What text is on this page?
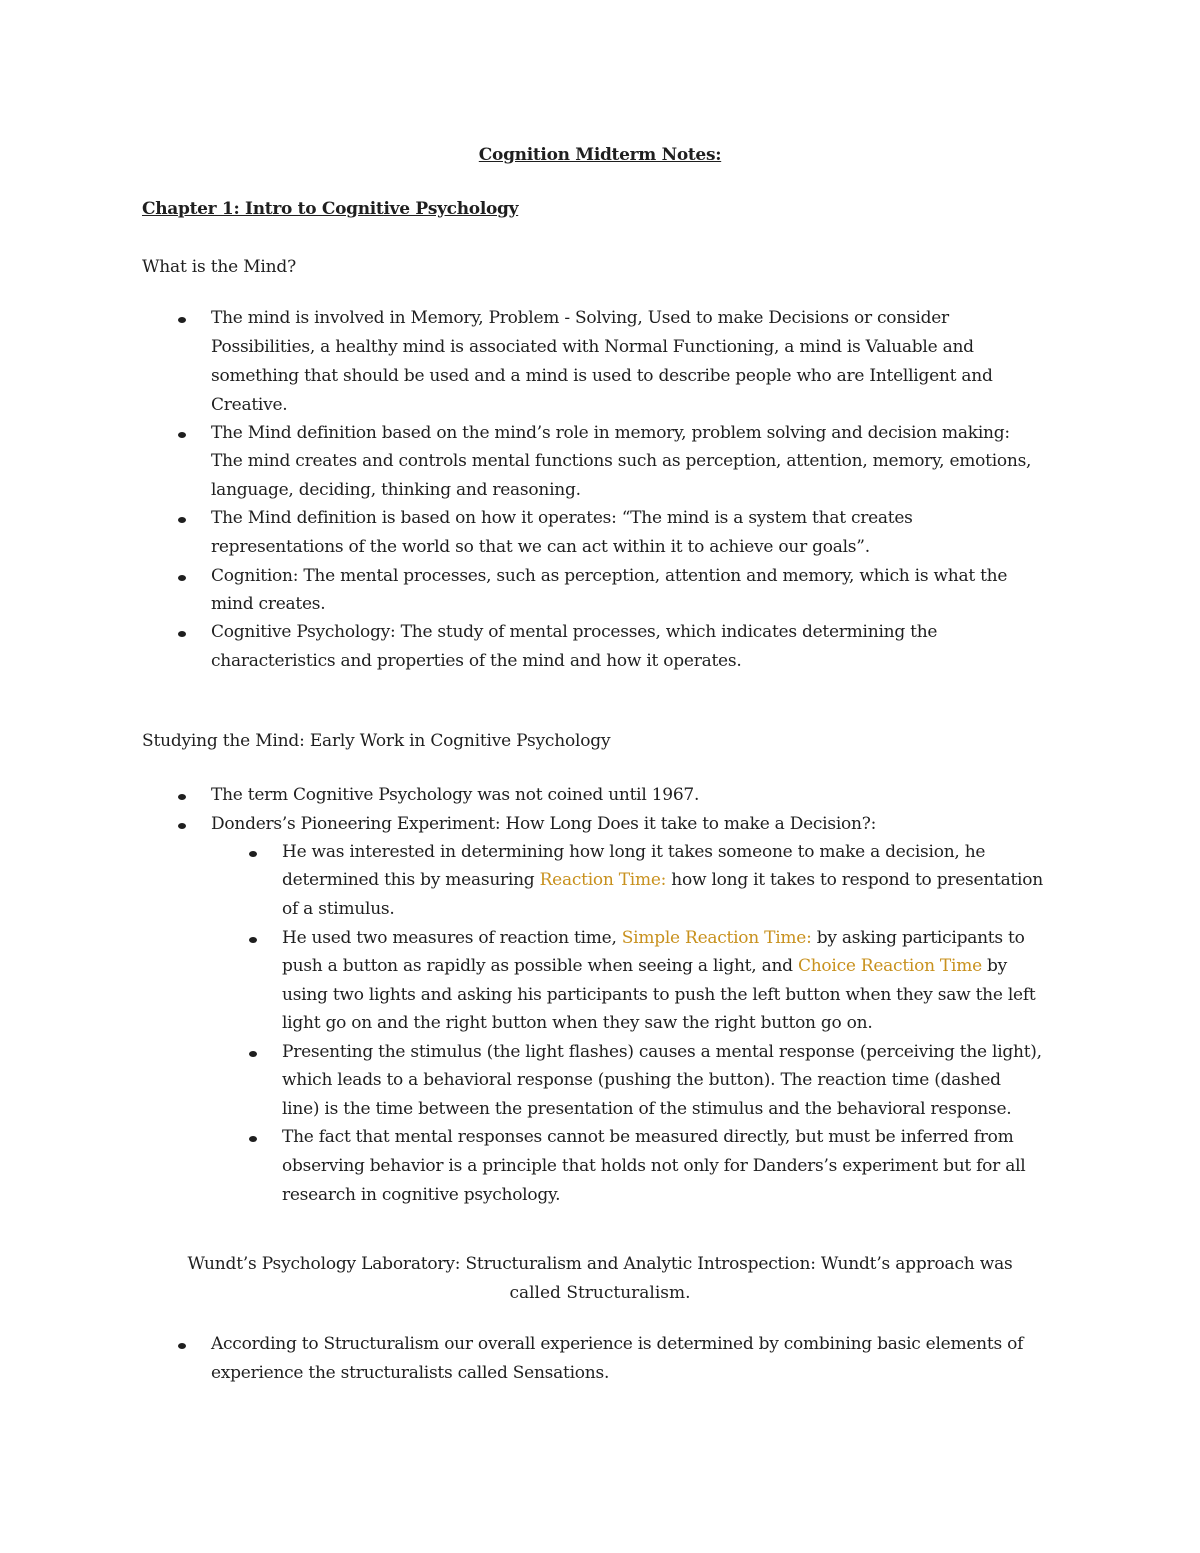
Cognition Midterm Notes:

Chapter 1: Intro to Cognitive Psychology

What is the Mind?

The mind is involved in Memory, Problem - Solving, Used to make Decisions or consider

Possibilities, a healthy mind is associated with Normal Functioning, a mind is Valuable and

something that should be used and a mind is used to describe people who are Intelligent and

Creative.

The Mind definition based on the mind’s role in memory, problem solving and decision making:

The mind creates and controls mental functions such as perception, attention, memory, emotions,

language, deciding, thinking and reasoning.

The Mind definition is based on how it operates: “The mind is a system that creates

representations of the world so that we can act within it to achieve our goals”.

Cognition: The mental processes, such as perception, attention and memory, which is what the

mind creates.

Cognitive Psychology: The study of mental processes, which indicates determining the

characteristics and properties of the mind and how it operates.

Studying the Mind: Early Work in Cognitive Psychology

The term Cognitive Psychology was not coined until 1967.

Donders’s Pioneering Experiment: How Long Does it take to make a Decision?:

He was interested in determining how long it takes someone to make a decision, he

determined this by measuring Reaction Time: how long it takes to respond to presentation

of a stimulus.

He used two measures of reaction time, Simple Reaction Time: by asking participants to

push a button as rapidly as possible when seeing a light, and Choice Reaction Time by

using two lights and asking his participants to push the left button when they saw the left

light go on and the right button when they saw the right button go on.

Presenting the stimulus (the light flashes) causes a mental response (perceiving the light),

which leads to a behavioral response (pushing the button). The reaction time (dashed

line) is the time between the presentation of the stimulus and the behavioral response.

The fact that mental responses cannot be measured directly, but must be inferred from

observing behavior is a principle that holds not only for Danders’s experiment but for all

research in cognitive psychology.

Wundt’s Psychology Laboratory: Structuralism and Analytic Introspection: Wundt’s approach was

called Structuralism.

According to Structuralism our overall experience is determined by combining basic elements of

experience the structuralists called Sensations.
